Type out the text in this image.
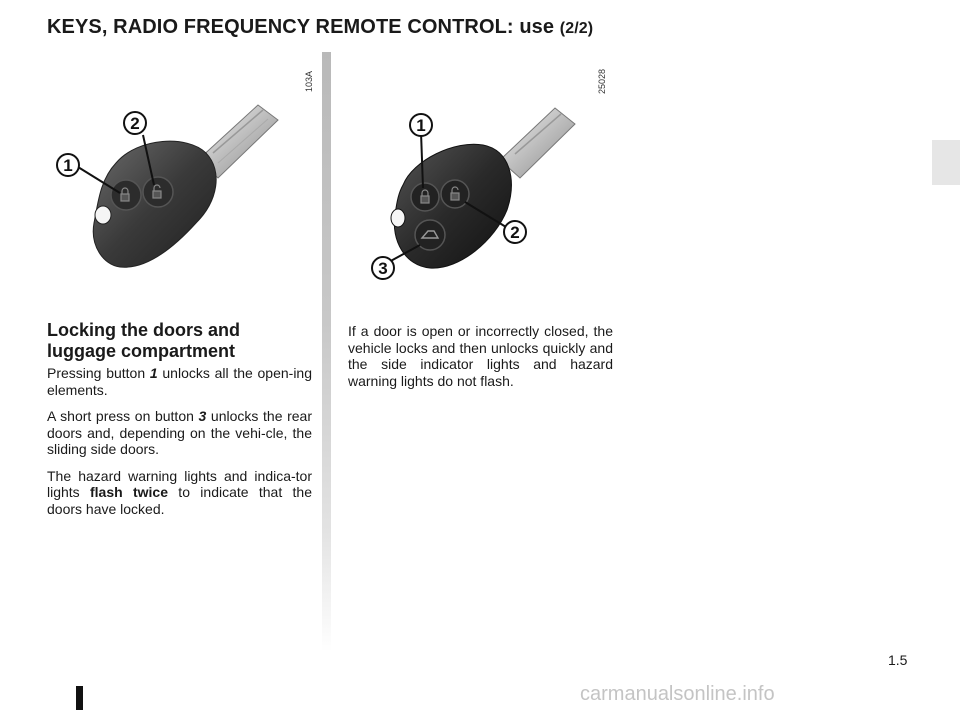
KEYS, RADIO FREQUENCY REMOTE CONTROL: use (2/2)
103A
1
2
25028
1
2
3
Locking the doors and luggage compartment

Pressing button 1 unlocks all the open-ing elements.

A short press on button 3 unlocks the rear doors and, depending on the vehi-cle, the sliding side doors.

The hazard warning lights and indica-tor lights flash twice to indicate that the doors have locked.

If a door is open or incorrectly closed, the vehicle locks and then unlocks quickly and the side indicator lights and hazard warning lights do not flash.

1.5
carmanualsonline.info
